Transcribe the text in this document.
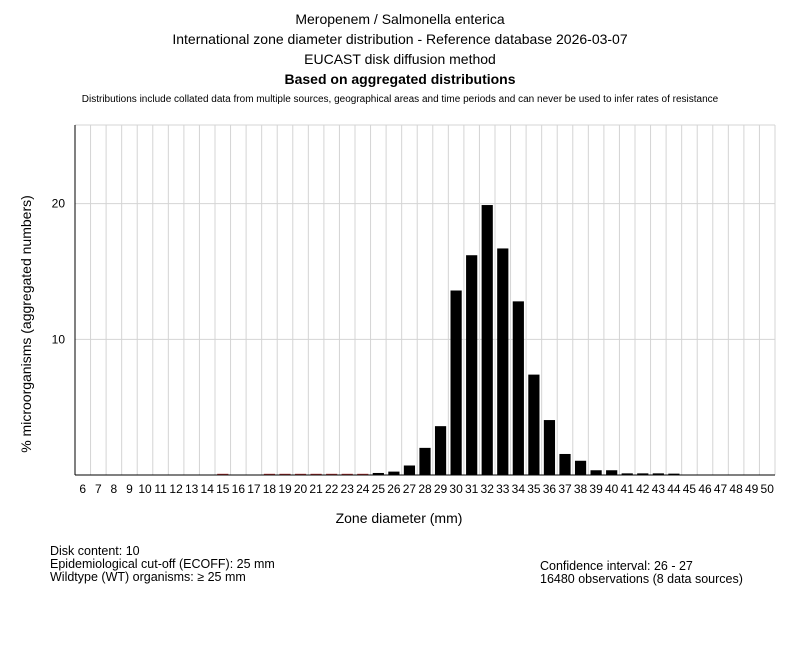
Meropenem / Salmonella enterica
International zone diameter distribution - Reference database 2026-03-07
EUCAST disk diffusion method
Based on aggregated distributions
Distributions include collated data from multiple sources, geographical areas and time periods and can never be used to infer rates of resistance
6 7 8 9 10 11 12 13 14 15 16 17 18 19 20 21 22 23 24 25 26 27 28 29 30 31 32 33 34 35 36 37 38 39 40 41 42 43 44 45 46 47 48 49 50
10
20
Zone diameter (mm)
% microorganisms (aggregated numbers)
Disk content: 10
Epidemiological cut-off (ECOFF): 25 mm
Wildtype (WT) organisms: ≥ 25 mm
Confidence interval: 26 - 27
16480 observations (8 data sources)
